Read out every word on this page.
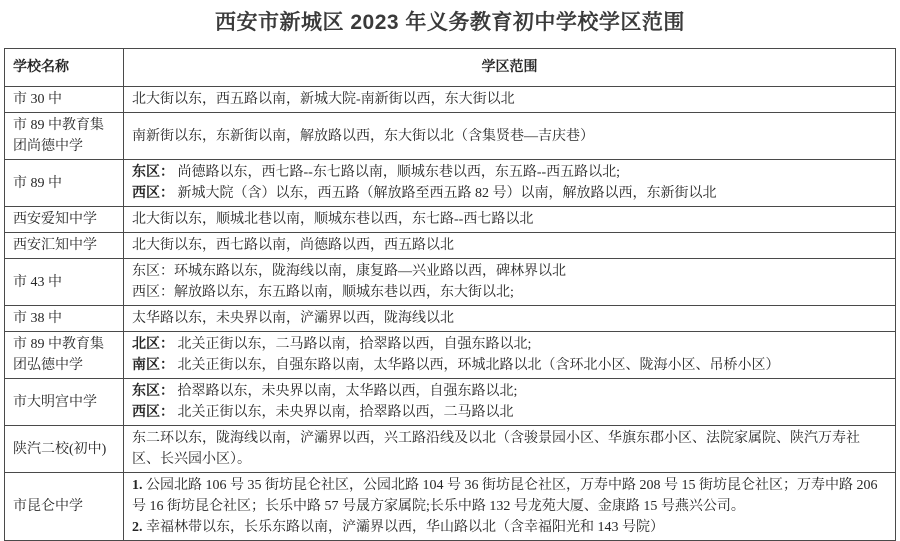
西安市新城区 2023 年义务教育初中学校学区范围
学校名称	学区范围
市 30 中	北大街以东，西五路以南，新城大院-南新街以西，东大街以北

市 89 中教育集团尚德中学	南新街以东，东新街以南，解放路以西，东大街以北（含集贤巷—吉庆巷）

市 89 中	东区： 尚德路以东，西七路--东七路以南，顺城东巷以西，东五路--西五路以北;
西区： 新城大院（含）以东，西五路（解放路至西五路 82 号）以南，解放路以西，东新街以北

西安爱知中学	北大街以东，顺城北巷以南，顺城东巷以西，东七路--西七路以北

西安汇知中学	北大街以东，西七路以南，尚德路以西，西五路以北

市 43 中	东区：环城东路以东，陇海线以南，康复路—兴业路以西，碑林界以北
西区：解放路以东，东五路以南，顺城东巷以西，东大街以北;

市 38 中	太华路以东，未央界以南，浐灞界以西，陇海线以北

市 89 中教育集团弘德中学	北区： 北关正街以东，二马路以南，拾翠路以西，自强东路以北;
南区： 北关正街以东，自强东路以南，太华路以西，环城北路以北（含环北小区、陇海小区、吊桥小区）

市大明宫中学	东区： 拾翠路以东，未央界以南，太华路以西，自强东路以北;
西区： 北关正街以东，未央界以南，拾翠路以西，二马路以北

陕汽二校(初中)	东二环以东，陇海线以南，浐灞界以西，兴工路沿线及以北（含骏景园小区、华旗东郡小区、法院家属院、陕汽万寿社区、长兴园小区）。

市昆仑中学	1. 公园北路 106 号 35 街坊昆仑社区，公园北路 104 号 36 街坊昆仑社区，万寿中路 208 号 15 街坊昆仑社区；万寿中路 206 号 16 街坊昆仑社区；长乐中路 57 号晟方家属院;长乐中路 132 号龙苑大厦、金康路 15 号燕兴公司。
2. 幸福林带以东，长乐东路以南，浐灞界以西，华山路以北（含幸福阳光和 143 号院）
